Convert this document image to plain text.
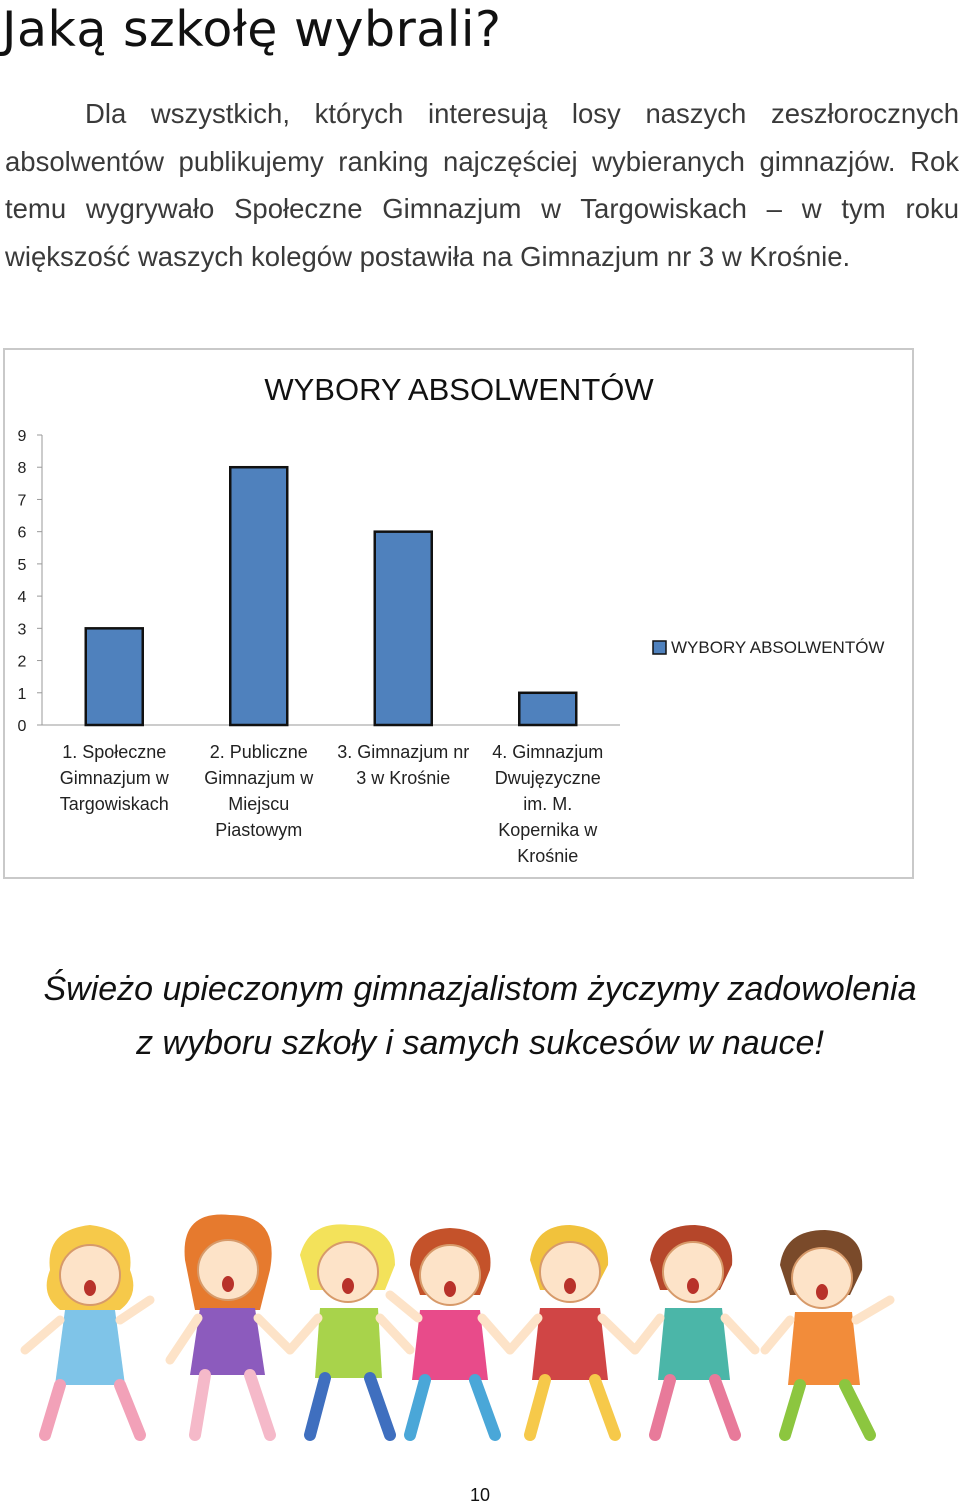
Jaką szkołę wybrali?
Dla wszystkich, których interesują losy naszych zeszłorocznych absolwentów publikujemy ranking najczęściej wybieranych gimnazjów. Rok temu wygrywało Społeczne Gimnazjum w Targowiskach – w tym roku większość waszych kolegów postawiła na Gimnazjum nr 3 w Krośnie.
WYBORY ABSOLWENTÓW
0
1
2
3
4
5
6
7
8
9
1. Społeczne Gimnazjum w Targowiskach
2. Publiczne Gimnazjum w Miejscu Piastowym
3. Gimnazjum nr 3 w Krośnie
4. Gimnazjum Dwujęzyczne im. M. Kopernika w Krośnie
WYBORY ABSOLWENTÓW
Świeżo upieczonym gimnazjalistom życzymy zadowolenia
z wyboru szkoły i samych sukcesów w nauce!
10
